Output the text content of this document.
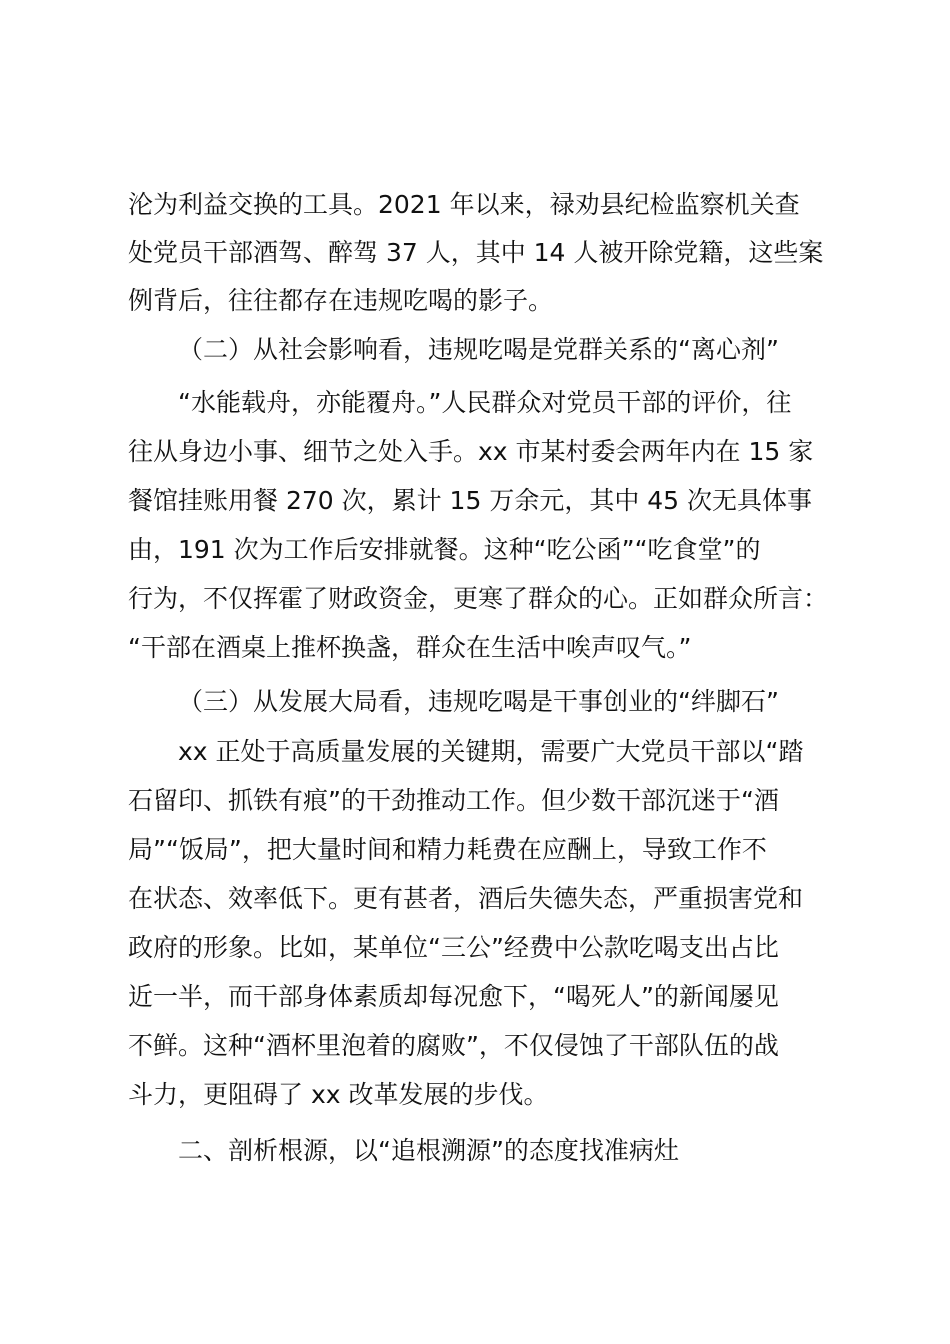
沦为利益交换的工具。2021 年以来，禄劝县纪检监察机关查
处党员干部酒驾、醉驾 37 人，其中 14 人被开除党籍，这些案
例背后，往往都存在违规吃喝的影子。
（二）从社会影响看，违规吃喝是党群关系的“离心剂”
“水能载舟，亦能覆舟。”人民群众对党员干部的评价，往
往从身边小事、细节之处入手。xx 市某村委会两年内在 15 家
餐馆挂账用餐 270 次，累计 15 万余元，其中 45 次无具体事
由，191 次为工作后安排就餐。这种“吃公函”“吃食堂”的
行为，不仅挥霍了财政资金，更寒了群众的心。正如群众所言：
“干部在酒桌上推杯换盏，群众在生活中唉声叹气。”
（三）从发展大局看，违规吃喝是干事创业的“绊脚石”
xx 正处于高质量发展的关键期，需要广大党员干部以“踏
石留印、抓铁有痕”的干劲推动工作。但少数干部沉迷于“酒
局”“饭局”，把大量时间和精力耗费在应酬上，导致工作不
在状态、效率低下。更有甚者，酒后失德失态，严重损害党和
政府的形象。比如，某单位“三公”经费中公款吃喝支出占比
近一半，而干部身体素质却每况愈下，“喝死人”的新闻屡见
不鲜。这种“酒杯里泡着的腐败”，不仅侵蚀了干部队伍的战
斗力，更阻碍了 xx 改革发展的步伐。
二、剖析根源，以“追根溯源”的态度找准病灶
